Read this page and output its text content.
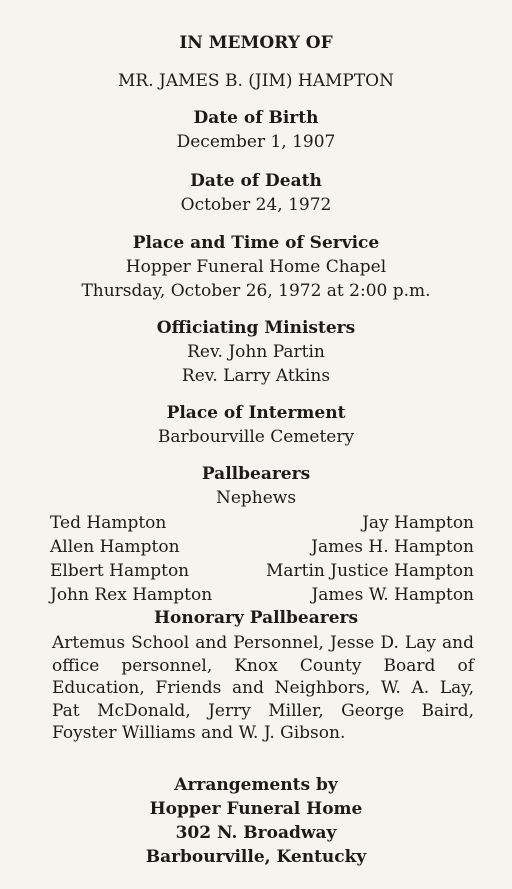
IN MEMORY OF
MR. JAMES B. (JIM) HAMPTON
Date of Birth
December 1, 1907
Date of Death
October 24, 1972
Place and Time of Service
Hopper Funeral Home Chapel
Thursday, October 26, 1972 at 2:00 p.m.
Officiating Ministers
Rev. John Partin
Rev. Larry Atkins
Place of Interment
Barbourville Cemetery
Pallbearers
Nephews
Ted Hampton	Jay Hampton
Allen Hampton	James H. Hampton
Elbert Hampton	Martin Justice Hampton
John Rex Hampton	James W. Hampton
Honorary Pallbearers
Artemus School and Personnel, Jesse D. Lay and office personnel, Knox County Board of Education, Friends and Neighbors, W. A. Lay, Pat McDonald, Jerry Miller, George Baird, Foyster Williams and W. J. Gibson.
Arrangements by
Hopper Funeral Home
302 N. Broadway
Barbourville, Kentucky
